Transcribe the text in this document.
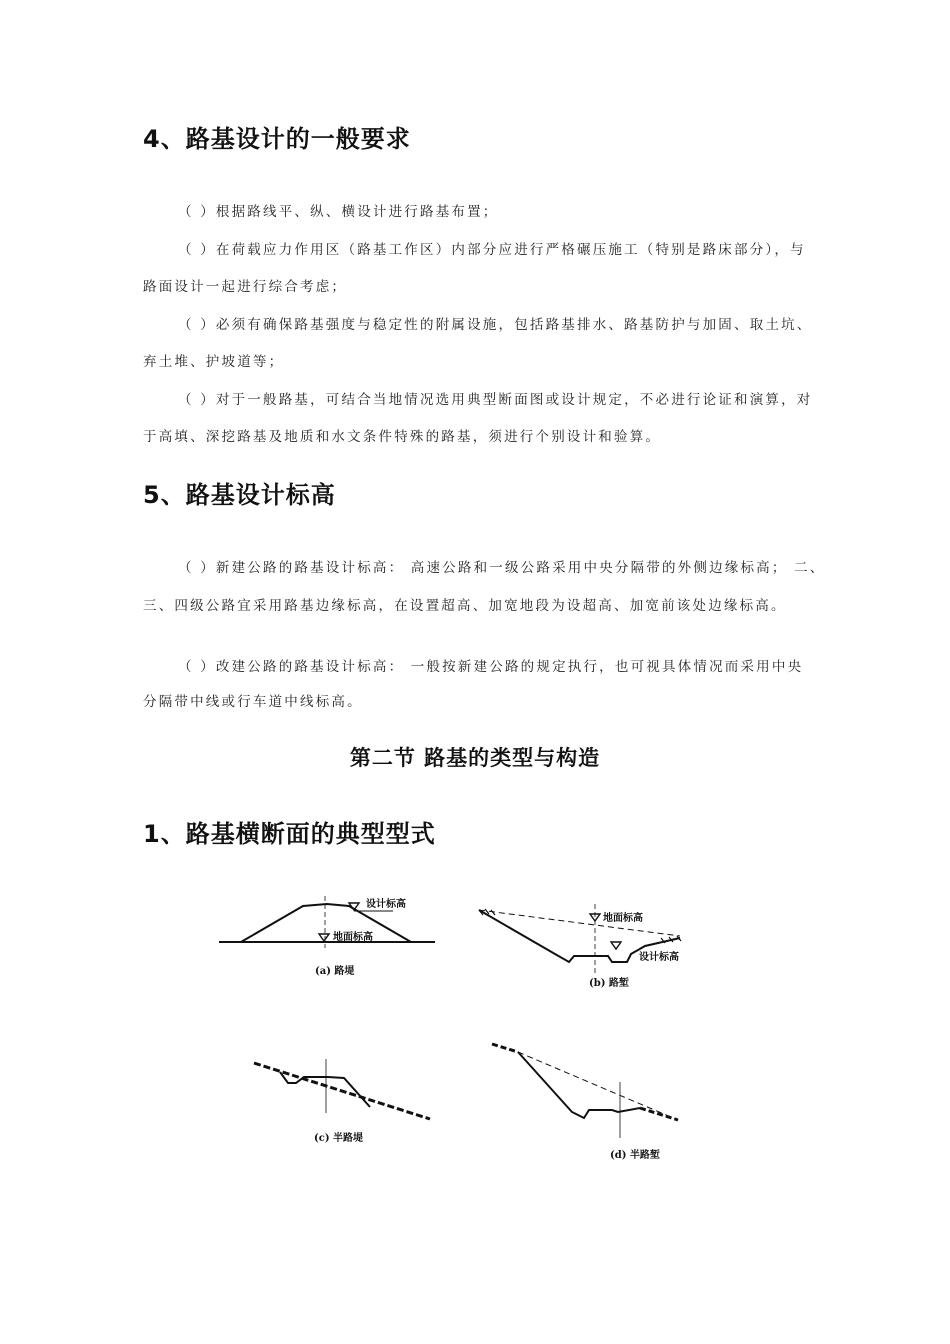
4、路基设计的一般要求

（ ）根据路线平、纵、横设计进行路基布置；

（ ）在荷载应力作用区（路基工作区）内部分应进行严格碾压施工（特别是路床部分），与

路面设计一起进行综合考虑；

（ ）必须有确保路基强度与稳定性的附属设施，包括路基排水、路基防护与加固、取土坑、

弃土堆、护坡道等；

（ ）对于一般路基，可结合当地情况选用典型断面图或设计规定，不必进行论证和演算，对

于高填、深挖路基及地质和水文条件特殊的路基，须进行个别设计和验算。

5、路基设计标高

（ ）新建公路的路基设计标高： 高速公路和一级公路采用中央分隔带的外侧边缘标高； 二、

三、四级公路宜采用路基边缘标高，在设置超高、加宽地段为设超高、加宽前该处边缘标高。

（ ）改建公路的路基设计标高： 一般按新建公路的规定执行，也可视具体情况而采用中央

分隔带中线或行车道中线标高。

第二节 路基的类型与构造
1、路基横断面的典型型式
设计标高
地面标高
(a) 路堤
地面标高
设计标高
(b) 路堑
(c) 半路堤
(d) 半路堑
